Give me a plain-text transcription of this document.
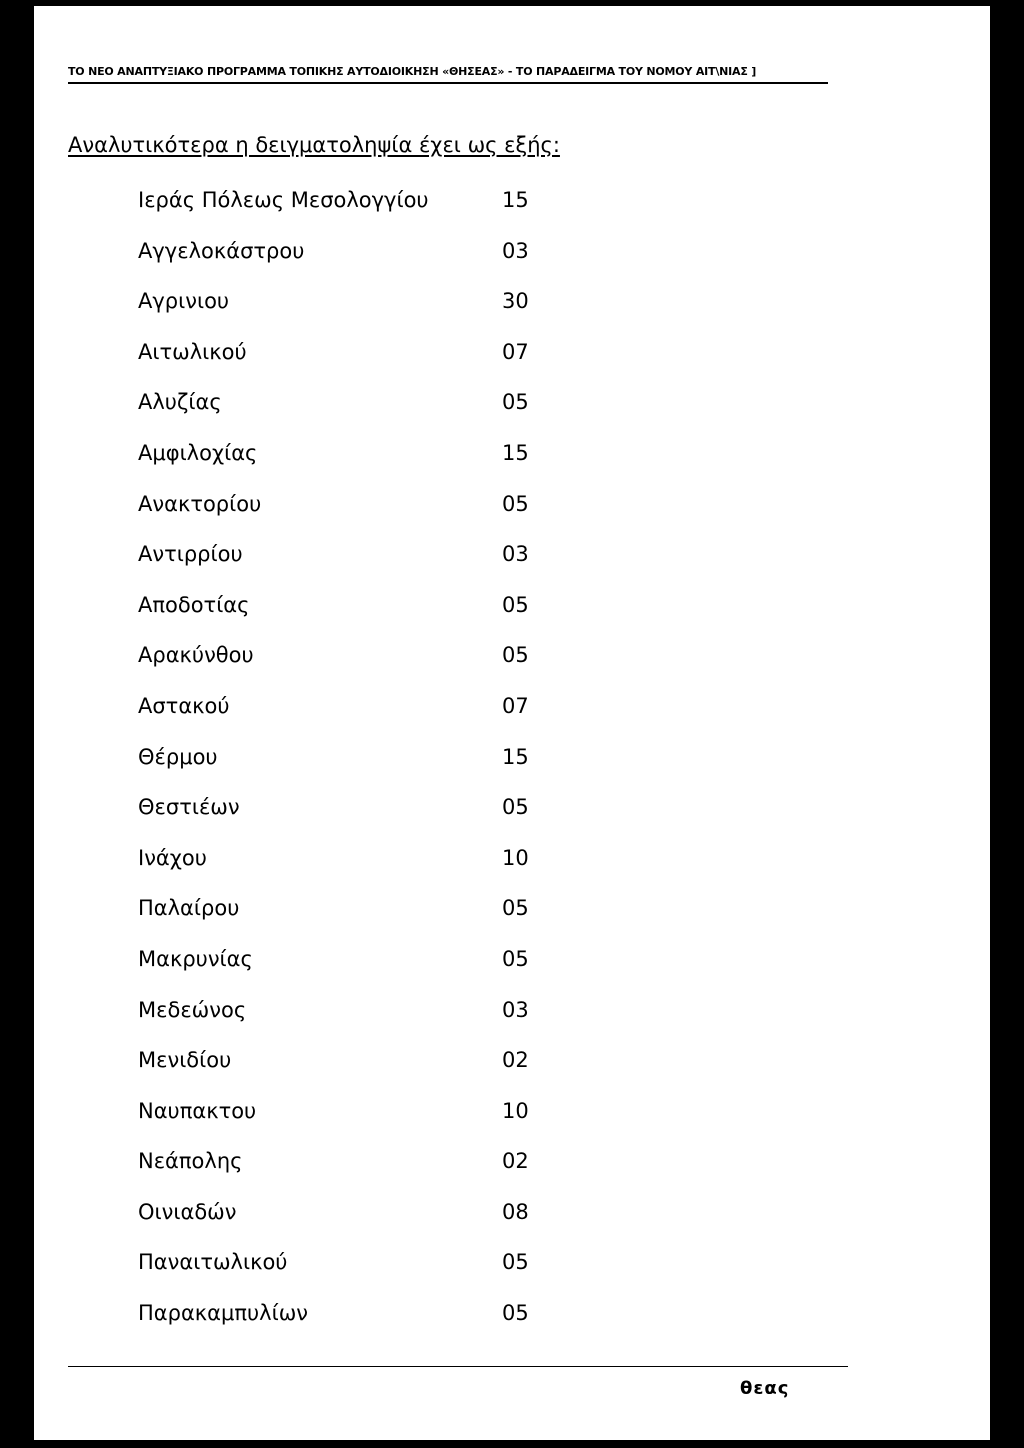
ΤΟ ΝΕΟ ΑΝΑΠΤΥΞΙΑΚΟ ΠΡΟΓΡΑΜΜΑ ΤΟΠΙΚΗΣ ΑΥΤΟΔΙΟΙΚΗΣΗ «ΘΗΣΕΑΣ» - ΤΟ ΠΑΡΑΔΕΙΓΜΑ ΤΟΥ ΝΟΜΟΥ ΑΙΤ\ΝΙΑΣ ]
Αναλυτικότερα η δειγματοληψία έχει ως εξής:
Ιεράς Πόλεως Μεσολογγίου	15
Αγγελοκάστρου	03
Αγρινιου	30
Αιτωλικού	07
Αλυζίας	05
Αμφιλοχίας	15
Ανακτορίου	05
Αντιρρίου	03
Αποδοτίας	05
Αρακύνθου	05
Αστακού	07
Θέρμου	15
Θεστιέων	05
Ινάχου	10
Παλαίρου	05
Μακρυνίας	05
Μεδεώνος	03
Μενιδίου	02
Ναυπακτου	10
Νεάπολης	02
Οινιαδών	08
Παναιτωλικού	05
Παρακαμπυλίων	05
θεας
